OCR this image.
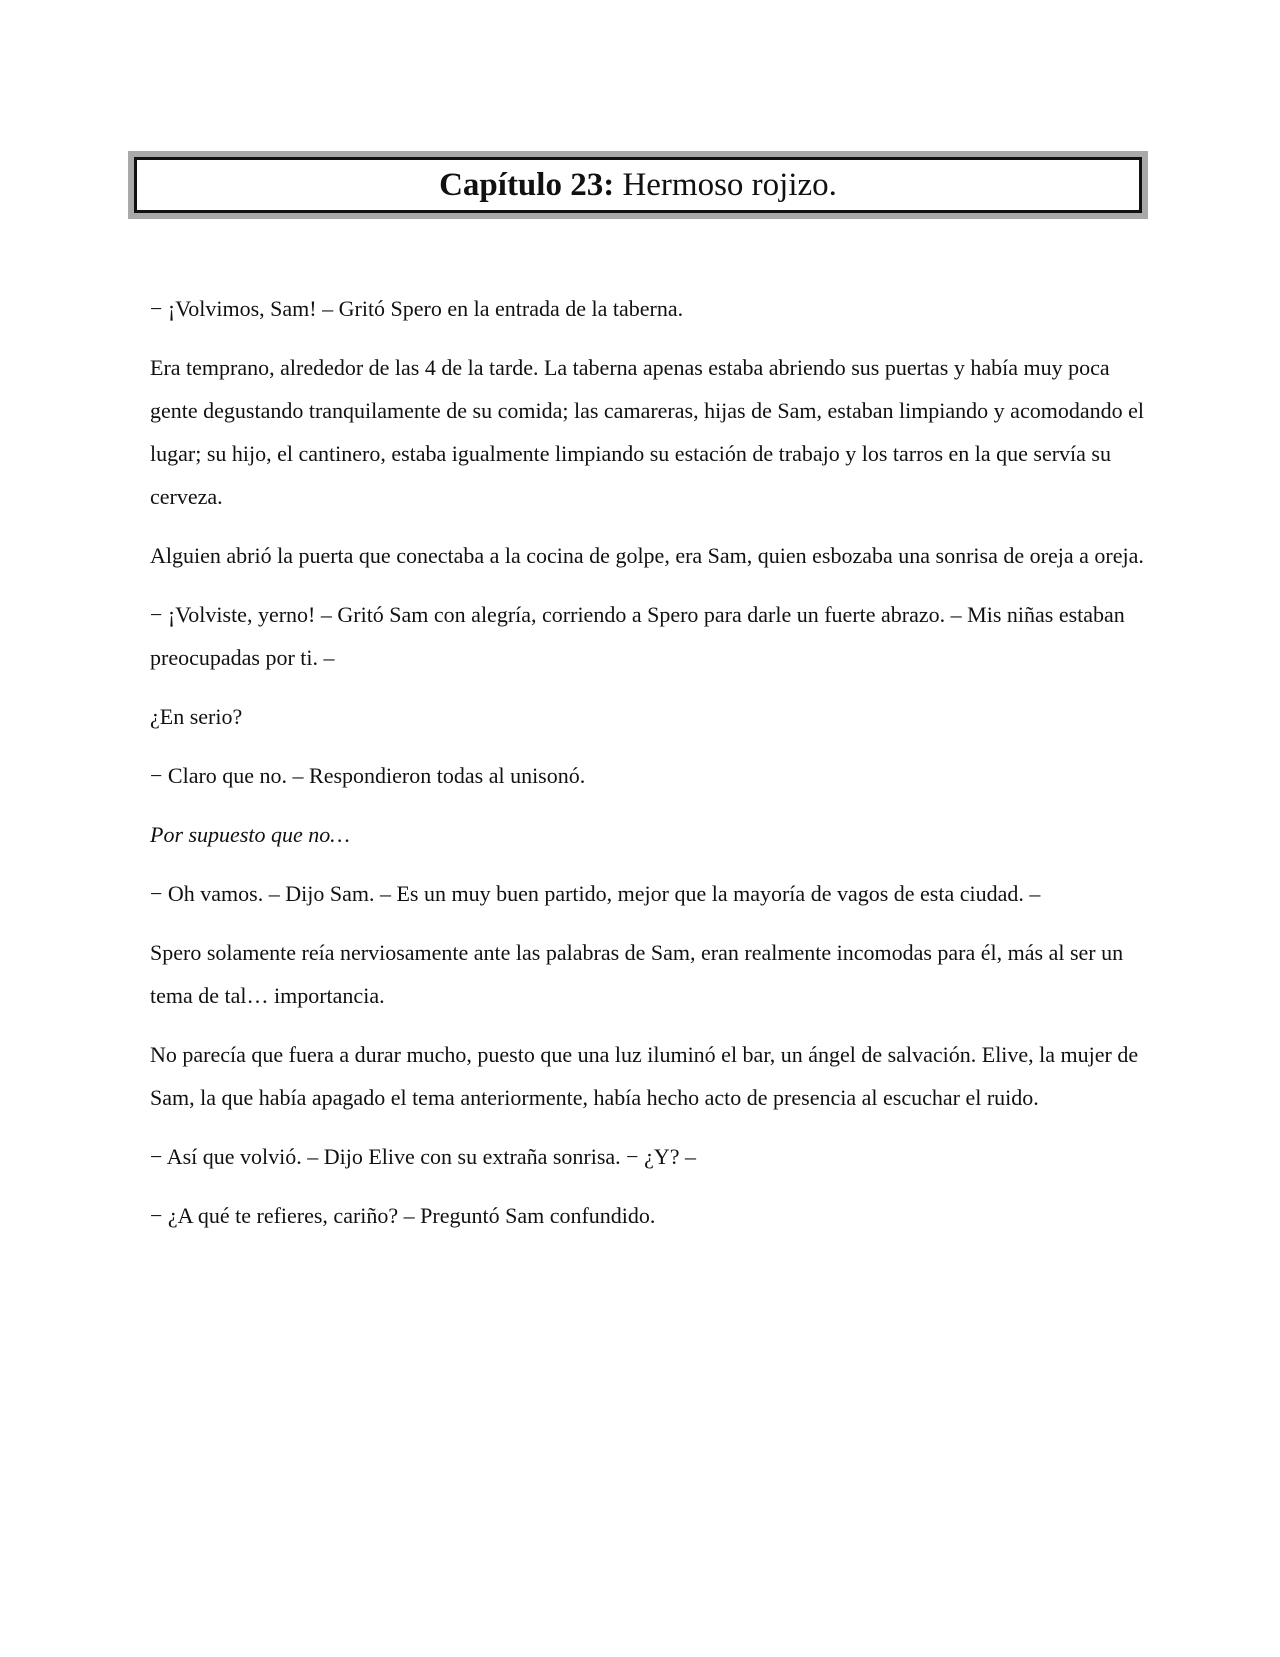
Capítulo 23: Hermoso rojizo.

− ¡Volvimos, Sam! – Gritó Spero en la entrada de la taberna.

Era temprano, alrededor de las 4 de la tarde. La taberna apenas estaba abriendo sus puertas y había muy poca gente degustando tranquilamente de su comida; las camareras, hijas de Sam, estaban limpiando y acomodando el lugar; su hijo, el cantinero, estaba igualmente limpiando su estación de trabajo y los tarros en la que servía su cerveza.

Alguien abrió la puerta que conectaba a la cocina de golpe, era Sam, quien esbozaba una sonrisa de oreja a oreja.

− ¡Volviste, yerno! – Gritó Sam con alegría, corriendo a Spero para darle un fuerte abrazo. – Mis niñas estaban preocupadas por ti. –

¿En serio?

− Claro que no. – Respondieron todas al unisonó.

Por supuesto que no…

− Oh vamos. – Dijo Sam. – Es un muy buen partido, mejor que la mayoría de vagos de esta ciudad. –

Spero solamente reía nerviosamente ante las palabras de Sam, eran realmente incomodas para él, más al ser un tema de tal… importancia.

No parecía que fuera a durar mucho, puesto que una luz iluminó el bar, un ángel de salvación. Elive, la mujer de Sam, la que había apagado el tema anteriormente, había hecho acto de presencia al escuchar el ruido.

− Así que volvió. – Dijo Elive con su extraña sonrisa. − ¿Y? –

− ¿A qué te refieres, cariño? – Preguntó Sam confundido.
